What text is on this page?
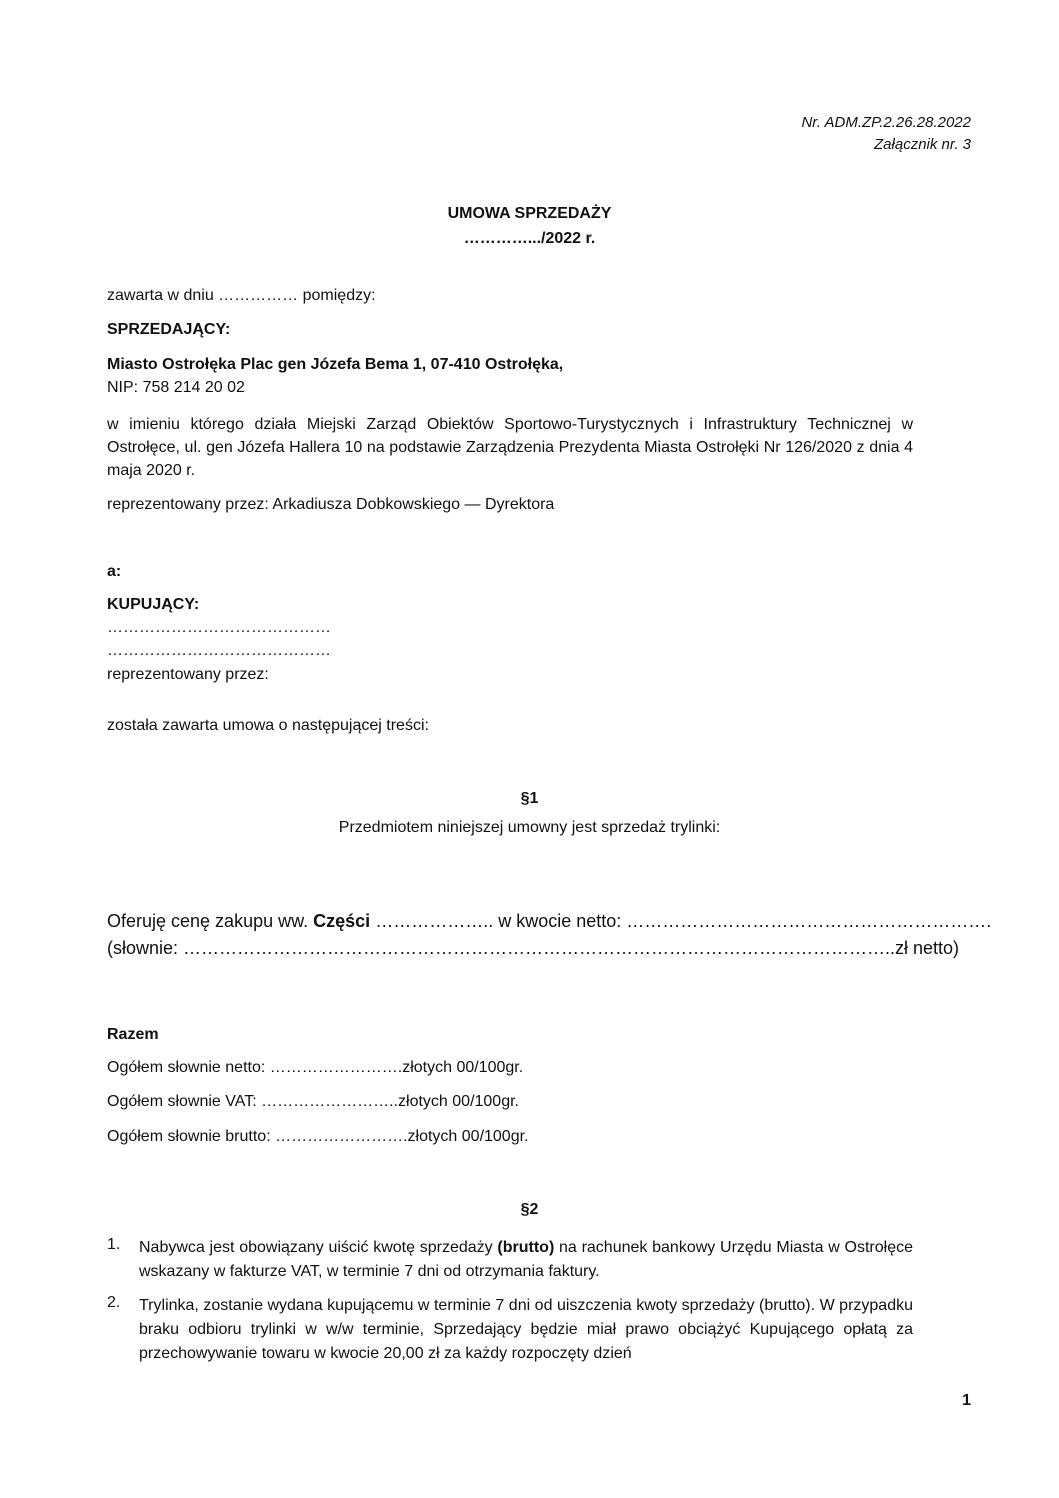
Nr. ADM.ZP.2.26.28.2022
Załącznik nr. 3
UMOWA SPRZEDAŻY
………….../2022 r.
zawarta w dniu …………… pomiędzy:
SPRZEDAJĄCY:
Miasto Ostrołęka Plac gen Józefa Bema 1, 07-410 Ostrołęka,
NIP: 758 214 20 02
w imieniu którego działa Miejski Zarząd Obiektów Sportowo-Turystycznych i Infrastruktury Technicznej w Ostrołęce, ul. gen Józefa Hallera 10 na podstawie Zarządzenia Prezydenta Miasta Ostrołęki Nr 126/2020 z dnia 4 maja 2020 r.
reprezentowany przez: Arkadiusza Dobkowskiego — Dyrektora
a:
KUPUJĄCY:
……………………………………
……………………………………
reprezentowany przez:
została zawarta umowa o następującej treści:
§1
Przedmiotem niniejszej umowny jest sprzedaż trylinki:
Oferuję cenę zakupu ww. Części ……………….. w kwocie netto: …………………………………………………….
(słownie: ………………………………………………………………………………………………………..zł netto)
Razem
Ogółem słownie netto: …………………….złotych 00/100gr.
Ogółem słownie VAT: ……………………..złotych 00/100gr.
Ogółem słownie brutto: …………………….złotych 00/100gr.
§2
1. Nabywca jest obowiązany uiścić kwotę sprzedaży (brutto) na rachunek bankowy Urzędu Miasta w Ostrołęce wskazany w fakturze VAT, w terminie 7 dni od otrzymania faktury.
2. Trylinka, zostanie wydana kupującemu w terminie 7 dni od uiszczenia kwoty sprzedaży (brutto). W przypadku braku odbioru trylinki w w/w terminie, Sprzedający będzie miał prawo obciążyć Kupującego opłatą za przechowywanie towaru w kwocie 20,00 zł za każdy rozpoczęty dzień
1
